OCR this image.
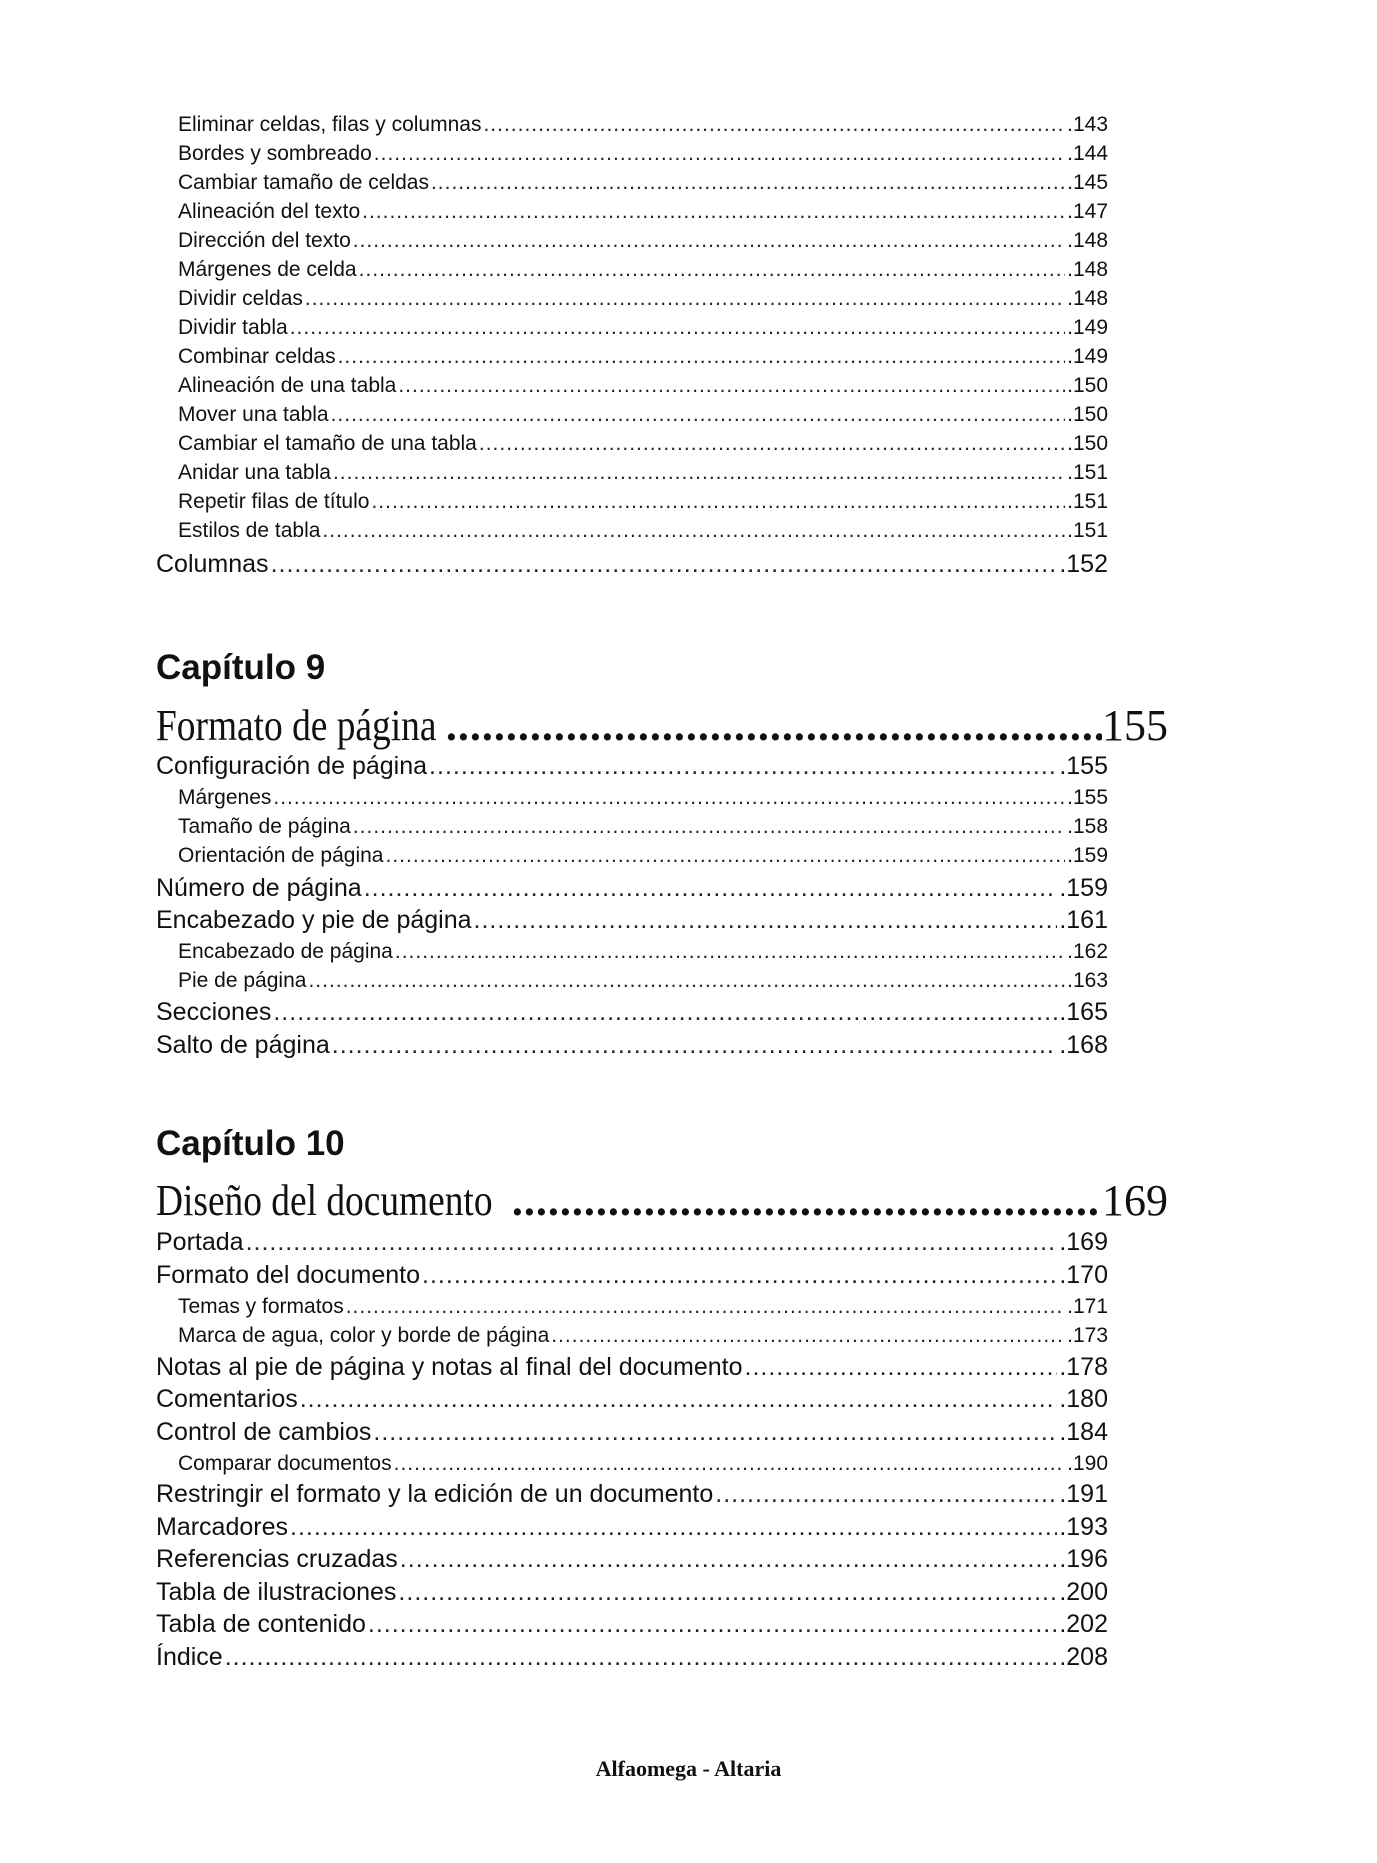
Eliminar celdas, filas y columnas .....	.143
Bordes y sombreado .....	.144
Cambiar tamaño de celdas .....	.145
Alineación del texto .....	.147
Dirección del texto .....	.148
Márgenes de celda .....	.148
Dividir celdas .....	.148
Dividir tabla .....	.149
Combinar celdas .....	.149
Alineación de una tabla .....	.150
Mover una tabla .....	.150
Cambiar el tamaño de una tabla .....	.150
Anidar una tabla .....	.151
Repetir filas de título .....	.151
Estilos de tabla .....	.151
Columnas .....	.152
Capítulo 9
Formato de página .....	155
Configuración de página .....	.155
Márgenes .....	.155
Tamaño de página .....	.158
Orientación de página .....	.159
Número de página .....	.159
Encabezado y pie de página .....	.161
Encabezado de página .....	.162
Pie de página .....	.163
Secciones .....	.165
Salto de página .....	.168
Capítulo 10
Diseño del documento .....	169
Portada .....	.169
Formato del documento .....	.170
Temas y formatos .....	.171
Marca de agua, color y borde de página .....	.173
Notas al pie de página y notas al final del documento .....	.178
Comentarios .....	.180
Control de cambios .....	.184
Comparar documentos .....	.190
Restringir el formato y la edición de un documento .....	.191
Marcadores .....	.193
Referencias cruzadas .....	.196
Tabla de ilustraciones .....	.200
Tabla de contenido .....	.202
Índice .....	.208
Alfaomega - Altaria
